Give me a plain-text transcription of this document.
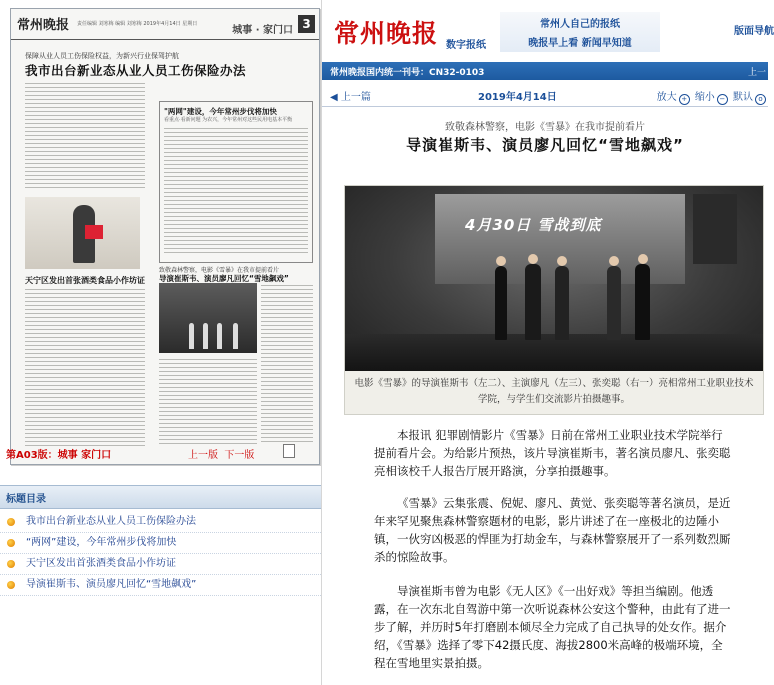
常州晚报 责任编辑 刘寒梅 编辑 刘寒梅 2019年4月14日 星期日
城事 · 家门口 3
保障从业人员工伤保险权益，为新兴行业保驾护航
我市出台新业态从业人员工伤保险办法
"两网"建设，今年常州步伐将加快
看重点·看新问题 为农兴，今年常州对这些民用电基本平衡
天宁区发出首张酒类食品小作坊证
致敬森林警察，电影《雪暴》在我市提前看片
导演崔斯韦、演员廖凡回忆“雪地飙戏”
第A03版：城事 家门口	上一版 下一版
标题目录
我市出台新业态从业人员工伤保险办法
“两网”建设，今年常州步伐将加快
天宁区发出首张酒类食品小作坊证
导演崔斯韦、演员廖凡回忆“雪地飙戏”
常州晚报 数字报纸
常州人自己的报纸
晚报早上看 新闻早知道
版面导航
常州晚报国内统一刊号：CN32-0103	上一
◀ 上一篇	2019年4月14日	放大 + 缩小 − 默认 o
致敬森林警察，电影《雪暴》在我市提前看片
导演崔斯韦、演员廖凡回忆“雪地飙戏”
4月30日 雪战到底
电影《雪暴》的导演崔斯韦（左二）、主演廖凡（左三）、张奕聪（右一）亮相常州工业职业技术学院，与学生们交流影片拍摄趣事。
本报讯 犯罪剧情影片《雪暴》日前在常州工业职业技术学院举行提前看片会。为给影片预热，该片导演崔斯韦，著名演员廖凡、张奕聪亮相该校千人报告厅展开路演，分享拍摄趣事。
《雪暴》云集张震、倪妮、廖凡、黄觉、张奕聪等著名演员，是近年来罕见聚焦森林警察题材的电影，影片讲述了在一座极北的边陲小镇，一伙穷凶极恶的悍匪为打劫金车，与森林警察展开了一系列数烈厮杀的惊险故事。
导演崔斯韦曾为电影《无人区》《一出好戏》等担当编剧。他透露，在一次东北自驾游中第一次听说森林公安这个警种，由此有了进一步了解，并历时5年打磨剧本倾尽全力完成了自己执导的处女作。据介绍，《雪暴》选择了零下42摄氏度、海拔2800米高峰的极端环境，全程在雪地里实景拍摄。
